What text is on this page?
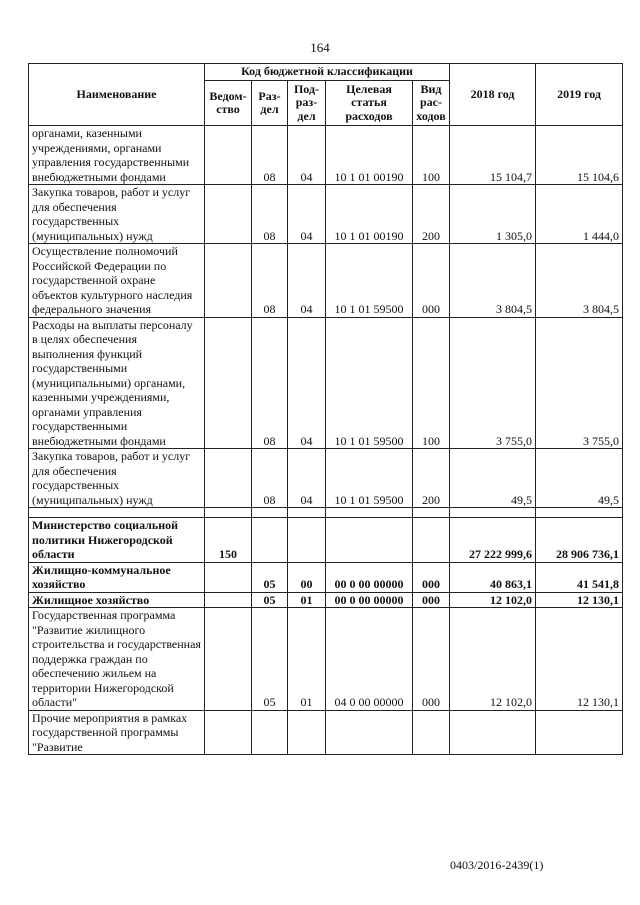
164
Наименование	Код бюджетной классификации					2018 год	2019 год
	Ведом-ство	Раз-дел	Под-раз-дел	Целевая статья расходов	Вид рас-ходов		
органами, казенными учреждениями, органами управления государственными внебюджетными фондами		08	04	10 1 01 00190	100	15 104,7	15 104,6
Закупка товаров, работ и услуг для обеспечения государственных (муниципальных) нужд		08	04	10 1 01 00190	200	1 305,0	1 444,0
Осуществление полномочий Российской Федерации по государственной охране объектов культурного наследия федерального значения		08	04	10 1 01 59500	000	3 804,5	3 804,5
Расходы на выплаты персоналу в целях обеспечения выполнения функций государственными (муниципальными) органами, казенными учреждениями, органами управления государственными внебюджетными фондами		08	04	10 1 01 59500	100	3 755,0	3 755,0
Закупка товаров, работ и услуг для обеспечения государственных (муниципальных) нужд		08	04	10 1 01 59500	200	49,5	49,5

Министерство социальной политики Нижегородской области	150					27 222 999,6	28 906 736,1
Жилищно-коммунальное хозяйство		05	00	00 0 00 00000	000	40 863,1	41 541,8
Жилищное хозяйство		05	01	00 0 00 00000	000	12 102,0	12 130,1
Государственная программа "Развитие жилищного строительства и государственная поддержка граждан по обеспечению жильем на территории Нижегородской области"		05	01	04 0 00 00000	000	12 102,0	12 130,1
Прочие мероприятия в рамках государственной программы "Развитие							
0403/2016-2439(1)
